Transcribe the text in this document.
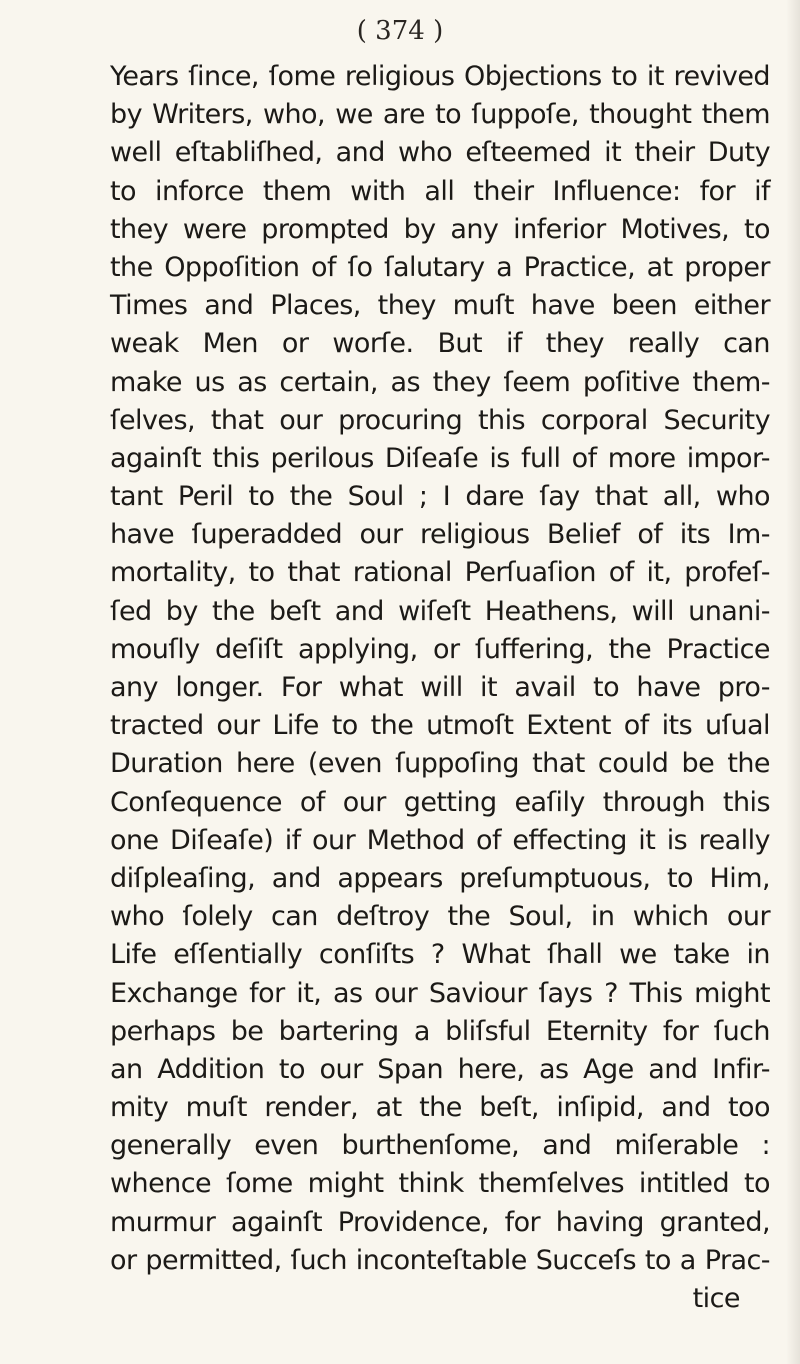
( 374 )
Years ſince, ſome religious Objections to it revived
by Writers, who, we are to ſuppoſe, thought them
well eſtabliſhed, and who eſteemed it their Duty
to inforce them with all their Influence: for if
they were prompted by any inferior Motives, to
the Oppoſition of ſo ſalutary a Practice, at proper
Times and Places, they muſt have been either
weak Men or worſe. But if they really can
make us as certain, as they ſeem poſitive them-
ſelves, that our procuring this corporal Security
againſt this perilous Diſeaſe is full of more impor-
tant Peril to the Soul ; I dare ſay that all, who
have ſuperadded our religious Belief of its Im-
mortality, to that rational Perſuaſion of it, profeſ-
ſed by the beſt and wiſeſt Heathens, will unani-
mouſly deſiſt applying, or ſuffering, the Practice
any longer. For what will it avail to have pro-
tracted our Life to the utmoſt Extent of its uſual
Duration here (even ſuppoſing that could be the
Conſequence of our getting eaſily through this
one Diſeaſe) if our Method of effecting it is really
diſpleaſing, and appears preſumptuous, to Him,
who ſolely can deſtroy the Soul, in which our
Life eſſentially conſiſts ? What ſhall we take in
Exchange for it, as our Saviour ſays ? This might
perhaps be bartering a bliſsful Eternity for ſuch
an Addition to our Span here, as Age and Infir-
mity muſt render, at the beſt, inſipid, and too
generally even burthenſome, and miſerable :
whence ſome might think themſelves intitled to
murmur againſt Providence, for having granted,
or permitted, ſuch inconteſtable Succeſs to a Prac-
tice
